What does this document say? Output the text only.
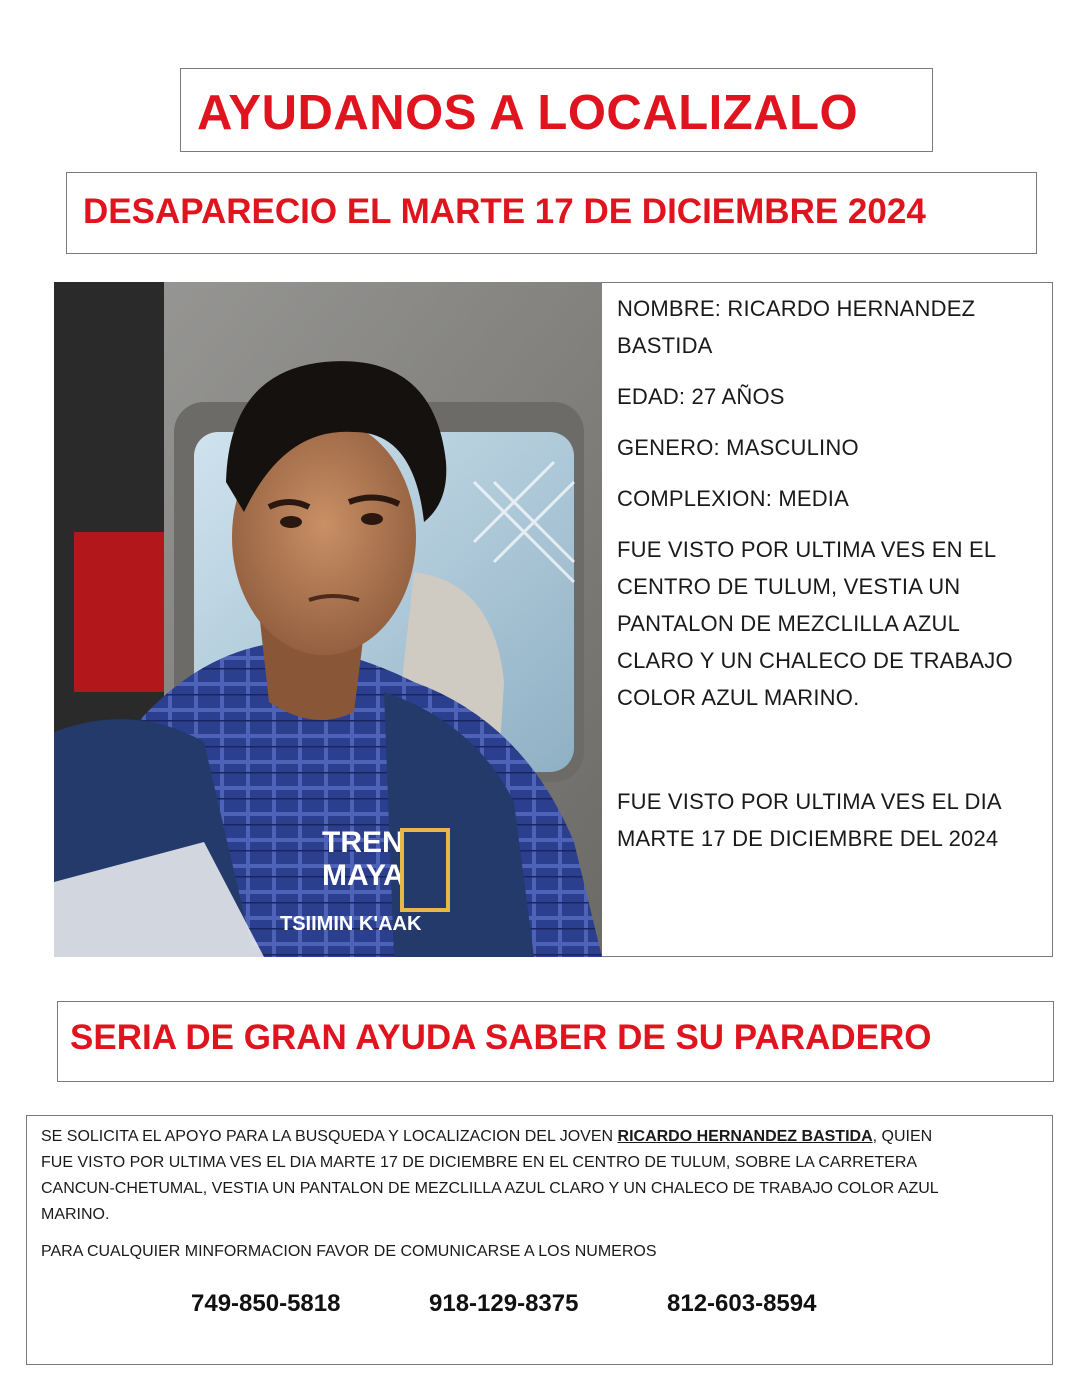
AYUDANOS A LOCALIZALO
DESAPARECIO EL MARTE 17 DE DICIEMBRE 2024
TREN
MAYA
TSIIMIN K'AAK
NOMBRE: RICARDO HERNANDEZ
BASTIDA
EDAD: 27 AÑOS
GENERO: MASCULINO
COMPLEXION: MEDIA
FUE VISTO POR ULTIMA VES EN EL
CENTRO DE TULUM, VESTIA UN
PANTALON DE MEZCLILLA AZUL
CLARO Y UN CHALECO DE TRABAJO
COLOR AZUL MARINO.
FUE VISTO POR ULTIMA VES EL DIA
MARTE 17 DE DICIEMBRE DEL 2024
SERIA DE GRAN AYUDA SABER DE SU PARADERO
SE SOLICITA EL APOYO PARA LA BUSQUEDA Y LOCALIZACION DEL JOVEN RICARDO HERNANDEZ BASTIDA, QUIEN
FUE VISTO POR ULTIMA VES EL DIA MARTE 17 DE DICIEMBRE EN EL CENTRO DE TULUM, SOBRE LA CARRETERA
CANCUN-CHETUMAL, VESTIA UN PANTALON DE MEZCLILLA AZUL CLARO Y UN CHALECO DE TRABAJO COLOR AZUL
MARINO.
PARA CUALQUIER MINFORMACION FAVOR DE COMUNICARSE A LOS NUMEROS
749-850-5818	918-129-8375	812-603-8594
